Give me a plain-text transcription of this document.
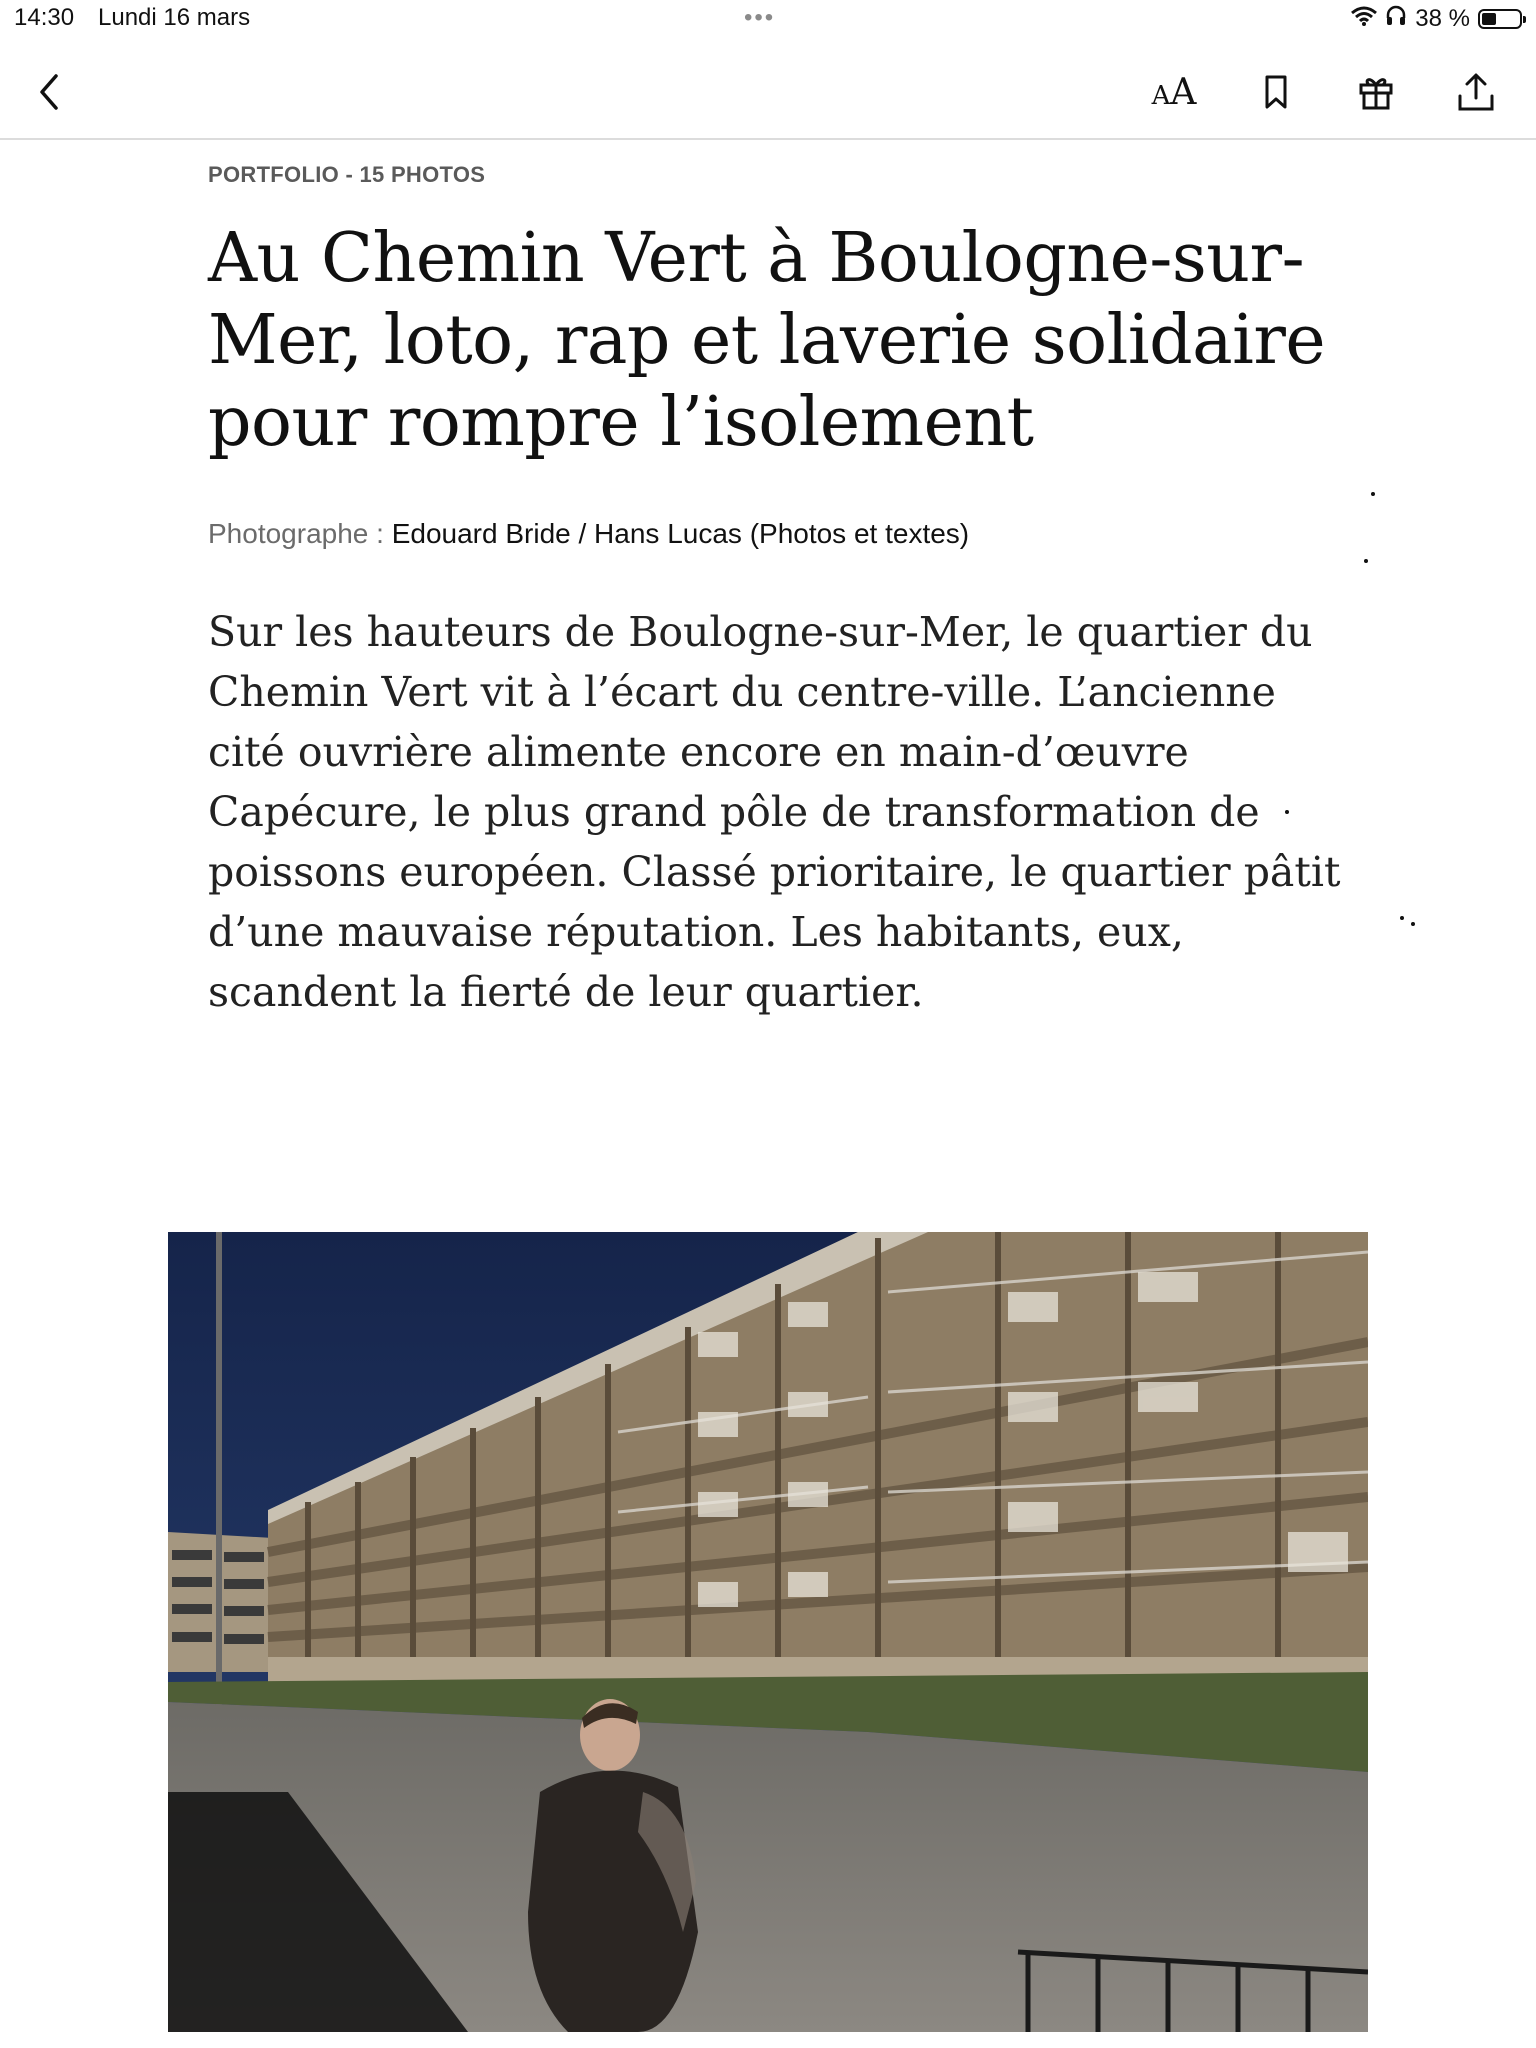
14:30 Lundi 16 mars	•••	38 %
A A
PORTFOLIO - 15 PHOTOS
Au Chemin Vert à Boulogne-sur-Mer, loto, rap et laverie solidaire pour rompre l’isolement
Photographe : Edouard Bride / Hans Lucas (Photos et textes)

Sur les hauteurs de Boulogne-sur-Mer, le quartier du Chemin Vert vit à l’écart du centre-ville. L’ancienne cité ouvrière alimente encore en main-d’œuvre Capécure, le plus grand pôle de transformation de poissons européen. Classé prioritaire, le quartier pâtit d’une mauvaise réputation. Les habitants, eux, scandent la fierté de leur quartier.
